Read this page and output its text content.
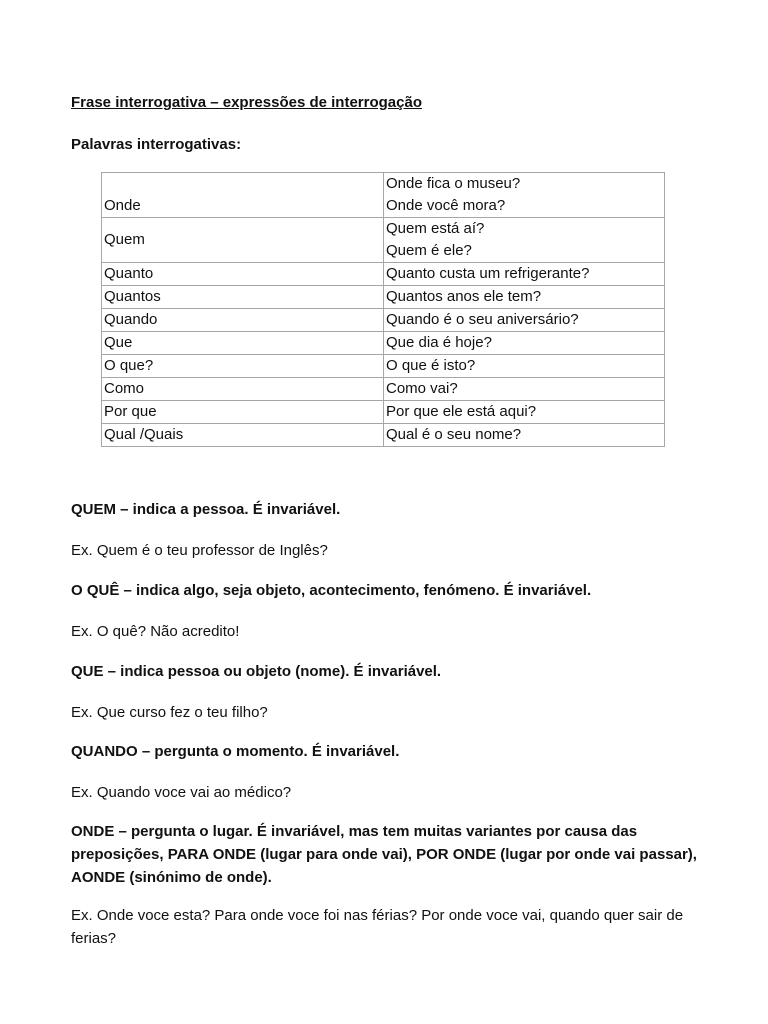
Frase interrogativa – expressões de interrogação
Palavras interrogativas:
Onde	Onde fica o museu?
Onde você mora?

Quem	Quem está aí?
Quem é ele?

Quanto	Quanto custa um refrigerante?

Quantos	Quantos anos ele tem?

Quando	Quando é o seu aniversário?

Que	Que dia é hoje?

O que?	O que é isto?

Como	Como vai?

Por que	Por que ele está aqui?

Qual /Quais	Qual é o seu nome?
QUEM – indica a pessoa. É invariável.
Ex. Quem é o teu professor de Inglês?
O QUÊ – indica algo, seja objeto, acontecimento, fenómeno. É invariável.
Ex. O quê? Não acredito!
QUE – indica pessoa ou objeto (nome). É invariável.
Ex. Que curso fez o teu filho?
QUANDO – pergunta o momento. É invariável.
Ex. Quando voce vai ao médico?
ONDE – pergunta o lugar. É invariável, mas tem muitas variantes por causa das preposições, PARA ONDE (lugar para onde vai), POR ONDE (lugar por onde vai passar), AONDE (sinónimo de onde).
Ex. Onde voce esta? Para onde voce foi nas férias? Por onde voce vai, quando quer sair de ferias?
